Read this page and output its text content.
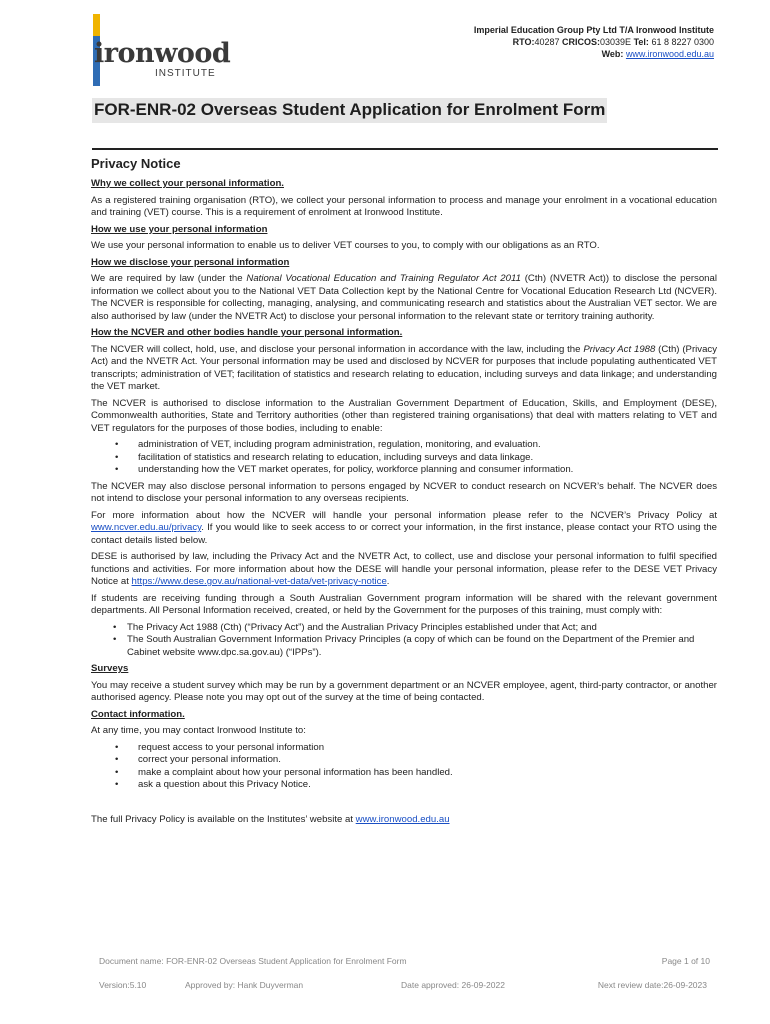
ironwood
INSTITUTE
Imperial Education Group Pty Ltd T/A Ironwood Institute
RTO:40287 CRICOS:03039E Tel: 61 8 8227 0300
Web: www.ironwood.edu.au
FOR-ENR-02 Overseas Student Application for Enrolment Form
Privacy Notice
Why we collect your personal information.

As a registered training organisation (RTO), we collect your personal information to process and manage your enrolment in a vocational education and training (VET) course. This is a requirement of enrolment at Ironwood Institute.

How we use your personal information

We use your personal information to enable us to deliver VET courses to you, to comply with our obligations as an RTO.

How we disclose your personal information

We are required by law (under the National Vocational Education and Training Regulator Act 2011 (Cth) (NVETR Act)) to disclose the personal information we collect about you to the National VET Data Collection kept by the National Centre for Vocational Education Research Ltd (NCVER). The NCVER is responsible for collecting, managing, analysing, and communicating research and statistics about the Australian VET sector. We are also authorised by law (under the NVETR Act) to disclose your personal information to the relevant state or territory training authority.

How the NCVER and other bodies handle your personal information.

The NCVER will collect, hold, use, and disclose your personal information in accordance with the law, including the Privacy Act 1988 (Cth) (Privacy Act) and the NVETR Act. Your personal information may be used and disclosed by NCVER for purposes that include populating authenticated VET transcripts; administration of VET; facilitation of statistics and research relating to education, including surveys and data linkage; and understanding the VET market.

The NCVER is authorised to disclose information to the Australian Government Department of Education, Skills, and Employment (DESE), Commonwealth authorities, State and Territory authorities (other than registered training organisations) that deal with matters relating to VET and VET regulators for the purposes of those bodies, including to enable:

• administration of VET, including program administration, regulation, monitoring, and evaluation.
• facilitation of statistics and research relating to education, including surveys and data linkage.
• understanding how the VET market operates, for policy, workforce planning and consumer information.

The NCVER may also disclose personal information to persons engaged by NCVER to conduct research on NCVER’s behalf. The NCVER does not intend to disclose your personal information to any overseas recipients.

For more information about how the NCVER will handle your personal information please refer to the NCVER’s Privacy Policy at www.ncver.edu.au/privacy. If you would like to seek access to or correct your information, in the first instance, please contact your RTO using the contact details listed below.

DESE is authorised by law, including the Privacy Act and the NVETR Act, to collect, use and disclose your personal information to fulfil specified functions and activities. For more information about how the DESE will handle your personal information, please refer to the DESE VET Privacy Notice at https://www.dese.gov.au/national-vet-data/vet-privacy-notice.

If students are receiving funding through a South Australian Government program information will be shared with the relevant government departments. All Personal Information received, created, or held by the Government for the purposes of this training, must comply with:

• The Privacy Act 1988 (Cth) (“Privacy Act”) and the Australian Privacy Principles established under that Act; and
• The South Australian Government Information Privacy Principles (a copy of which can be found on the Department of the Premier and Cabinet website www.dpc.sa.gov.au) (“IPPs”).
Surveys

You may receive a student survey which may be run by a government department or an NCVER employee, agent, third-party contractor, or another authorised agency. Please note you may opt out of the survey at the time of being contacted.

Contact information.

At any time, you may contact Ironwood Institute to:

• request access to your personal information
• correct your personal information.
• make a complaint about how your personal information has been handled.
• ask a question about this Privacy Notice.

The full Privacy Policy is available on the Institutes’ website at www.ironwood.edu.au

Document name: FOR-ENR-02 Overseas Student Application for Enrolment Form	Page 1 of 10
Version:5.10	Approved by: Hank Duyverman	Date approved: 26-09-2022	Next review date:26-09-2023
